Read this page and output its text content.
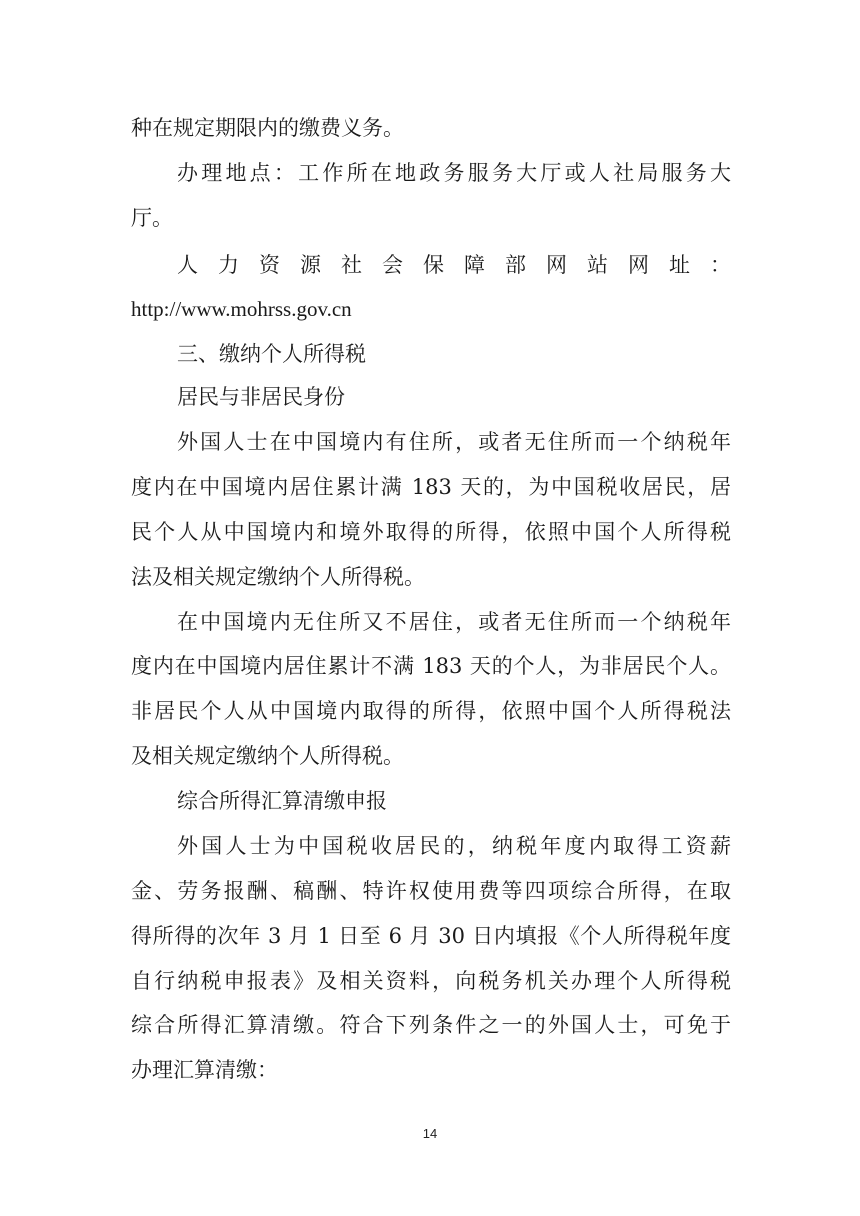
种在规定期限内的缴费义务。
办理地点：工作所在地政务服务大厅或人社局服务大
厅。
人 力 资 源 社 会 保 障 部 网 站 网 址 ：
http://www.mohrss.gov.cn
三、缴纳个人所得税
居民与非居民身份
外国人士在中国境内有住所，或者无住所而一个纳税年
度内在中国境内居住累计满 183 天的，为中国税收居民，居
民个人从中国境内和境外取得的所得，依照中国个人所得税
法及相关规定缴纳个人所得税。
在中国境内无住所又不居住，或者无住所而一个纳税年
度内在中国境内居住累计不满 183 天的个人，为非居民个人。
非居民个人从中国境内取得的所得，依照中国个人所得税法
及相关规定缴纳个人所得税。
综合所得汇算清缴申报
外国人士为中国税收居民的，纳税年度内取得工资薪
金、劳务报酬、稿酬、特许权使用费等四项综合所得，在取
得所得的次年 3 月 1 日至 6 月 30 日内填报《个人所得税年度
自行纳税申报表》及相关资料，向税务机关办理个人所得税
综合所得汇算清缴。符合下列条件之一的外国人士，可免于
办理汇算清缴：
14
